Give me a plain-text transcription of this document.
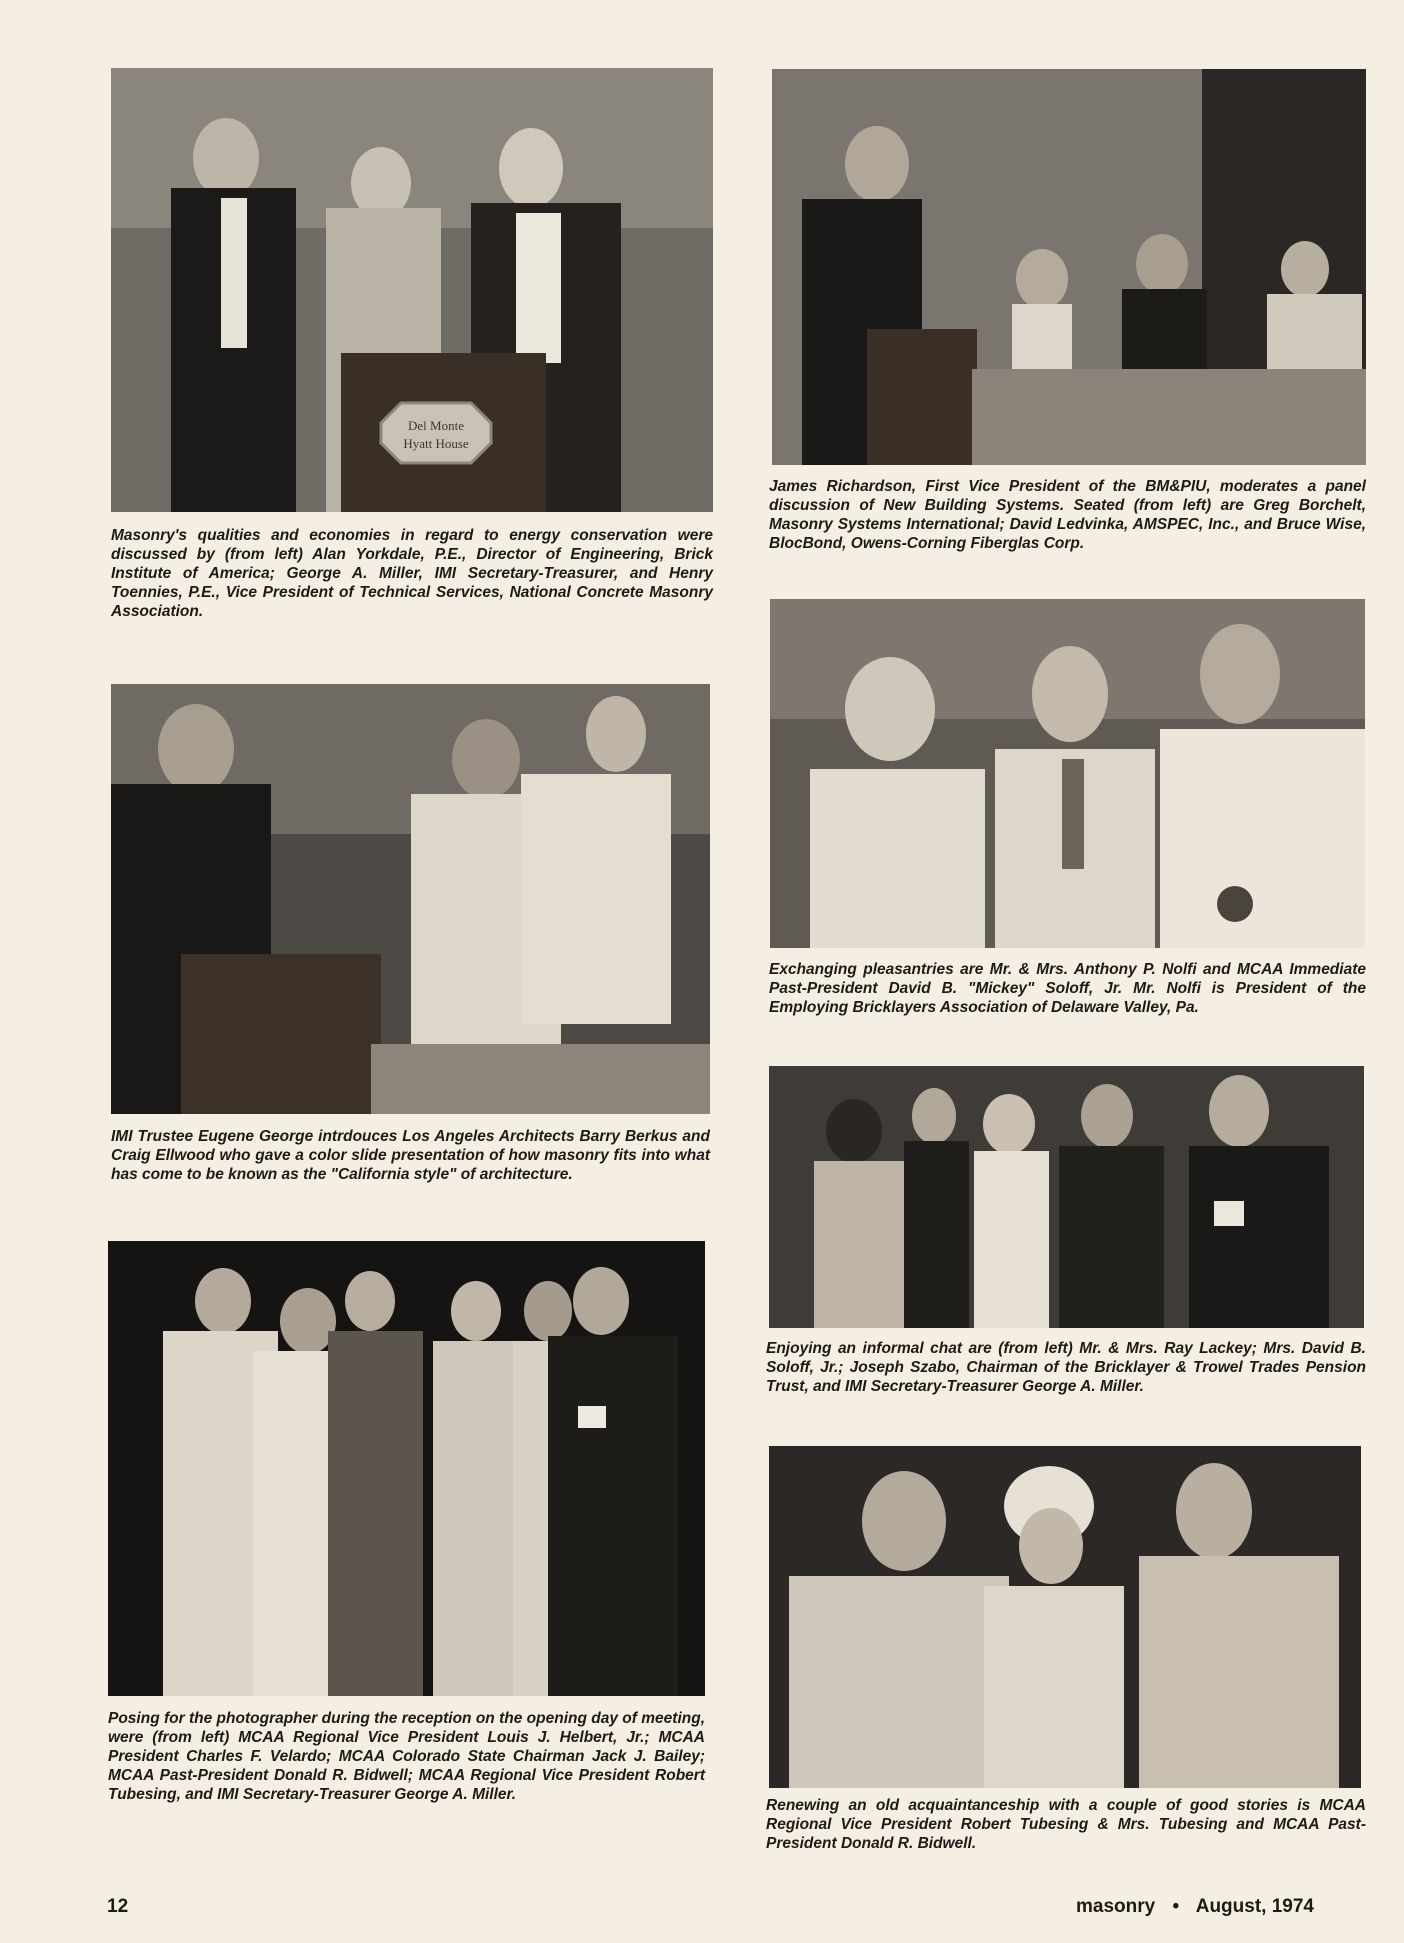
Del Monte
Hyatt House

Masonry's qualities and economies in regard to energy conservation were discussed by (from left) Alan Yorkdale, P.E., Director of Engineering, Brick Institute of America; George A. Miller, IMI Secretary-Treasurer, and Henry Toennies, P.E., Vice President of Technical Services, National Concrete Masonry Association.

IMI Trustee Eugene George intrdouces Los Angeles Architects Barry Berkus and Craig Ellwood who gave a color slide presentation of how masonry fits into what has come to be known as the "California style" of architecture.

Posing for the photographer during the reception on the opening day of meeting, were (from left) MCAA Regional Vice President Louis J. Helbert, Jr.; MCAA President Charles F. Velardo; MCAA Colorado State Chairman Jack J. Bailey; MCAA Past-President Donald R. Bidwell; MCAA Regional Vice President Robert Tubesing, and IMI Secretary-Treasurer George A. Miller.

James Richardson, First Vice President of the BM&PIU, moderates a panel discussion of New Building Systems. Seated (from left) are Greg Borchelt, Masonry Systems International; David Ledvinka, AMSPEC, Inc., and Bruce Wise, BlocBond, Owens-Corning Fiberglas Corp.

Exchanging pleasantries are Mr. & Mrs. Anthony P. Nolfi and MCAA Immediate Past-President David B. "Mickey" Soloff, Jr. Mr. Nolfi is President of the Employing Bricklayers Association of Delaware Valley, Pa.

Enjoying an informal chat are (from left) Mr. & Mrs. Ray Lackey; Mrs. David B. Soloff, Jr.; Joseph Szabo, Chairman of the Bricklayer & Trowel Trades Pension Trust, and IMI Secretary-Treasurer George A. Miller.

Renewing an old acquaintanceship with a couple of good stories is MCAA Regional Vice President Robert Tubesing & Mrs. Tubesing and MCAA Past-President Donald R. Bidwell.

12	masonry • August, 1974
